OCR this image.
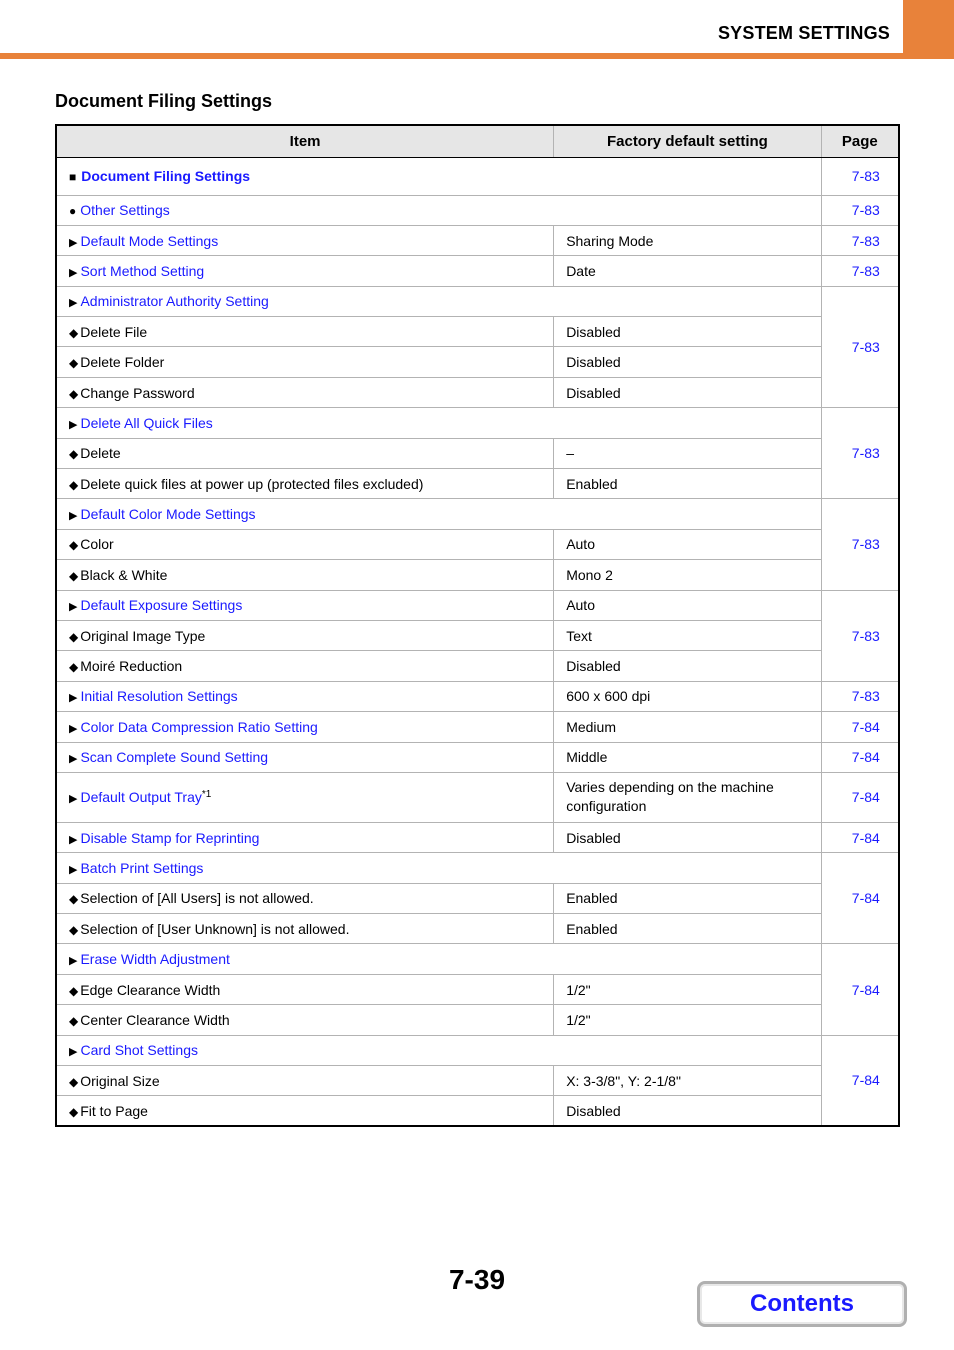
SYSTEM SETTINGS
Document Filing Settings
Item	Factory default setting	Page
■ Document Filing Settings		7-83
● Other Settings		7-83
▶ Default Mode Settings	Sharing Mode	7-83
▶ Sort Method Setting	Date	7-83
▶ Administrator Authority Setting		7-83
◆ Delete File	Disabled	
◆ Delete Folder	Disabled	
◆ Change Password	Disabled	
▶ Delete All Quick Files		7-83
◆ Delete	–	
◆ Delete quick files at power up (protected files excluded)	Enabled	
▶ Default Color Mode Settings		7-83
◆ Color	Auto	
◆ Black & White	Mono 2	
▶ Default Exposure Settings	Auto	7-83
◆ Original Image Type	Text	
◆ Moiré Reduction	Disabled	
▶ Initial Resolution Settings	600 x 600 dpi	7-83
▶ Color Data Compression Ratio Setting	Medium	7-84
▶ Scan Complete Sound Setting	Middle	7-84
▶ Default Output Tray$^{*1}$	Varies depending on the machine configuration	7-84
▶ Disable Stamp for Reprinting	Disabled	7-84
▶ Batch Print Settings		7-84
◆ Selection of [All Users] is not allowed.	Enabled	
◆ Selection of [User Unknown] is not allowed.	Enabled	
▶ Erase Width Adjustment		7-84
◆ Edge Clearance Width	1/2"	
◆ Center Clearance Width	1/2"	
▶ Card Shot Settings		7-84
◆ Original Size	X: 3-3/8", Y: 2-1/8"	
◆ Fit to Page	Disabled	
7-39
Contents
